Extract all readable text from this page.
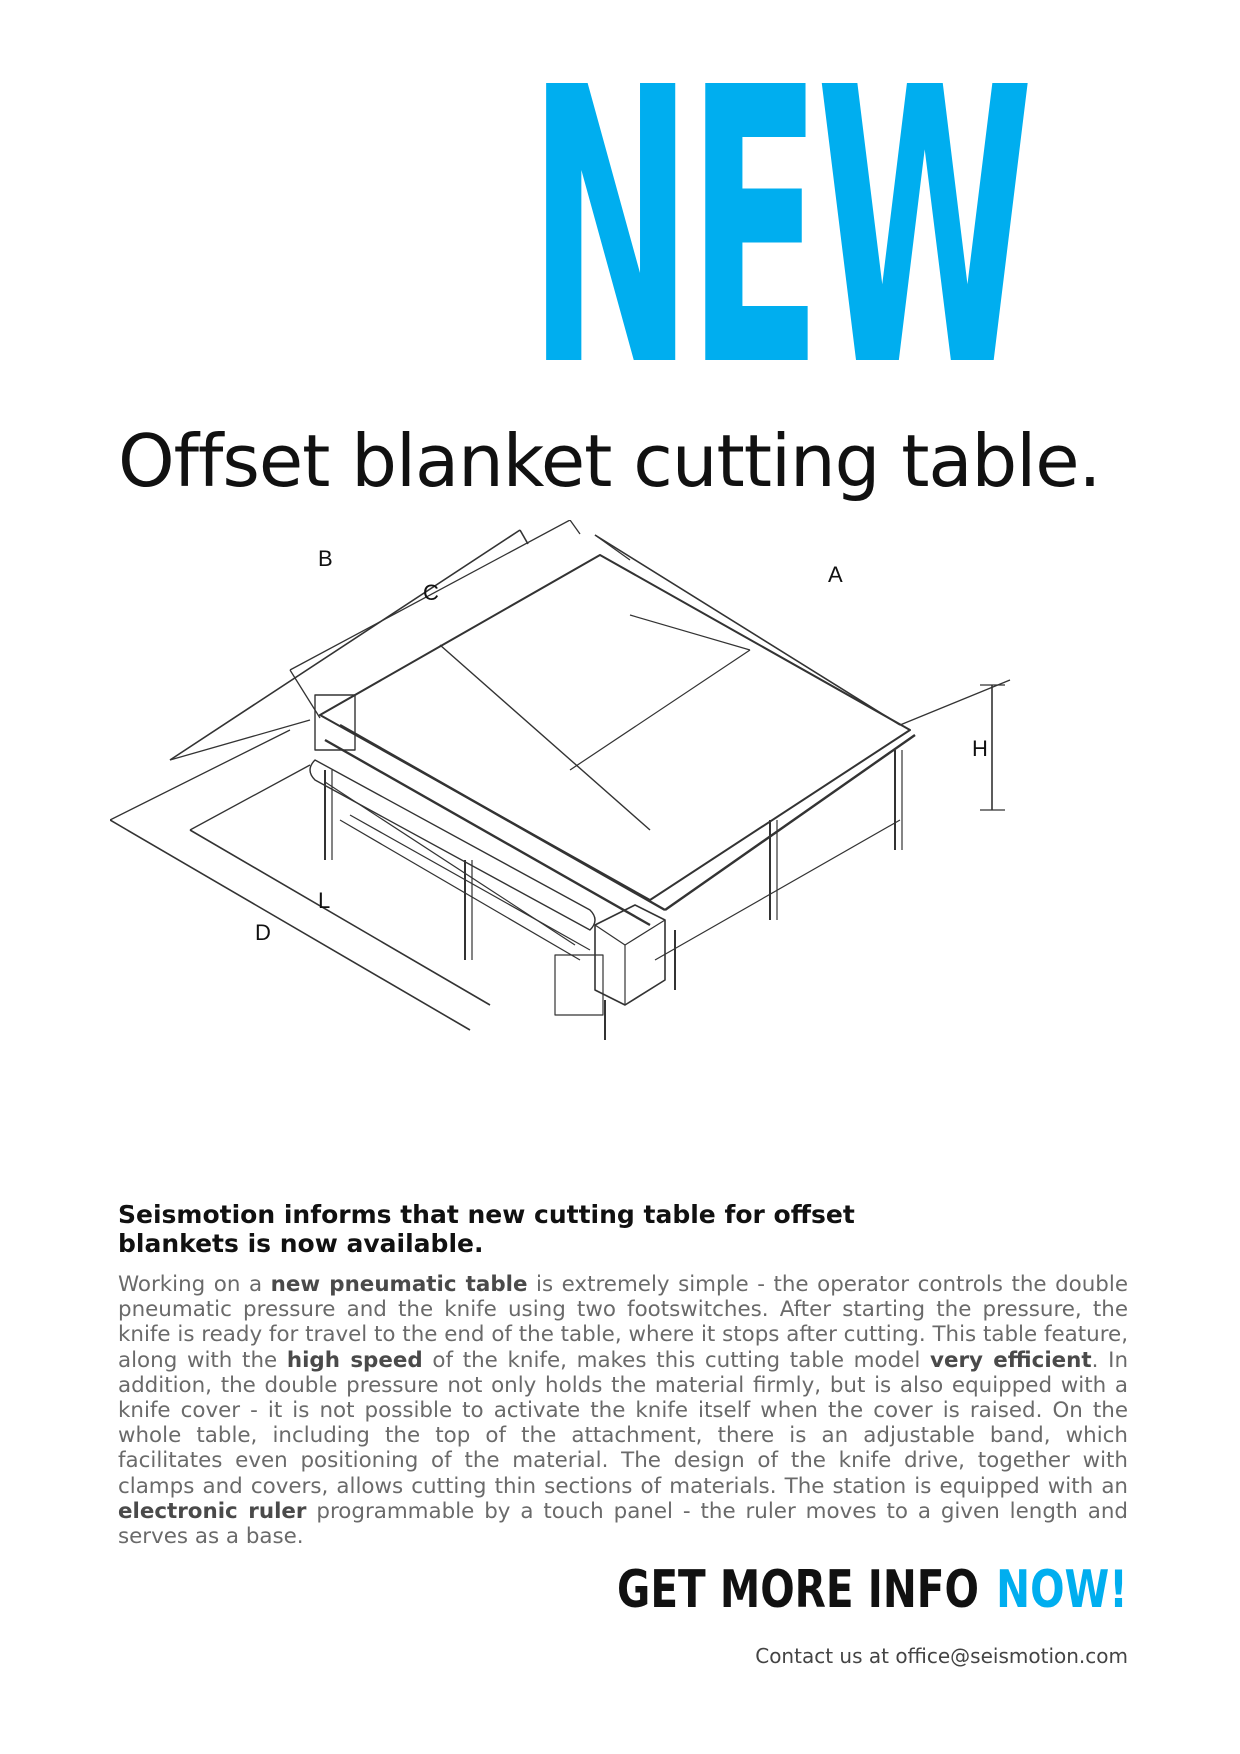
NEW
Offset blanket cutting table.
B
C
A
H
L
D
Seismotion informs that new cutting table for offset blankets is now available.
Working on a new pneumatic table is extremely simple - the operator controls the double pneumatic pressure and the knife using two footswitches. After starting the pressure, the knife is ready for travel to the end of the table, where it stops after cutting. This table feature, along with the high speed of the knife, makes this cutting table model very efficient. In addition, the double pressure not only holds the material firmly, but is also equipped with a knife cover - it is not possible to activate the knife itself when the cover is raised. On the whole table, including the top of the attachment, there is an adjustable band, which facilitates even positioning of the material. The design of the knife drive, together with clamps and covers, allows cutting thin sections of materials. The station is equipped with an electronic ruler programmable by a touch panel - the ruler moves to a given length and serves as a base.
GET MORE INFO NOW!
Contact us at office@seismotion.com
